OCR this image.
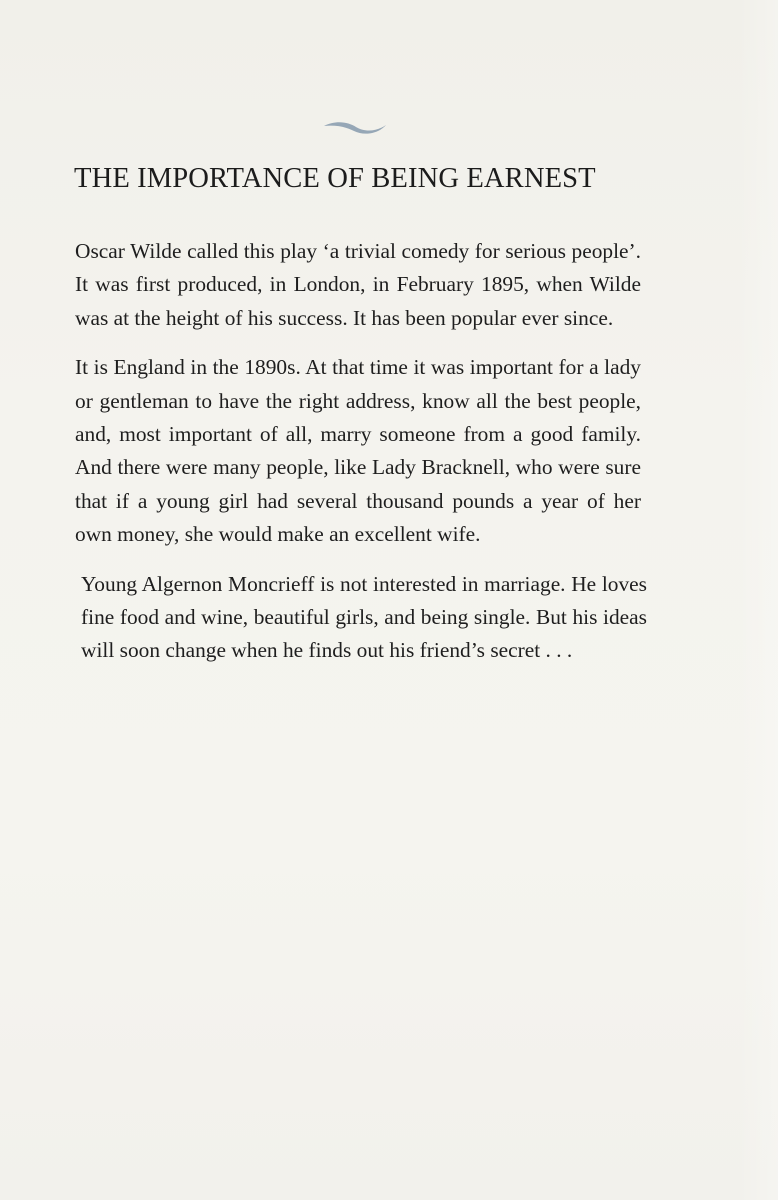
THE IMPORTANCE OF BEING EARNEST

Oscar Wilde called this play ‘a trivial comedy for serious people’. It was first produced, in London, in February 1895, when Wilde was at the height of his success. It has been popular ever since.

It is England in the 1890s. At that time it was important for a lady or gentleman to have the right address, know all the best people, and, most important of all, marry someone from a good family. And there were many people, like Lady Bracknell, who were sure that if a young girl had several thousand pounds a year of her own money, she would make an excellent wife.

Young Algernon Moncrieff is not interested in marriage. He loves fine food and wine, beautiful girls, and being single. But his ideas will soon change when he finds out his friend’s secret . . .
